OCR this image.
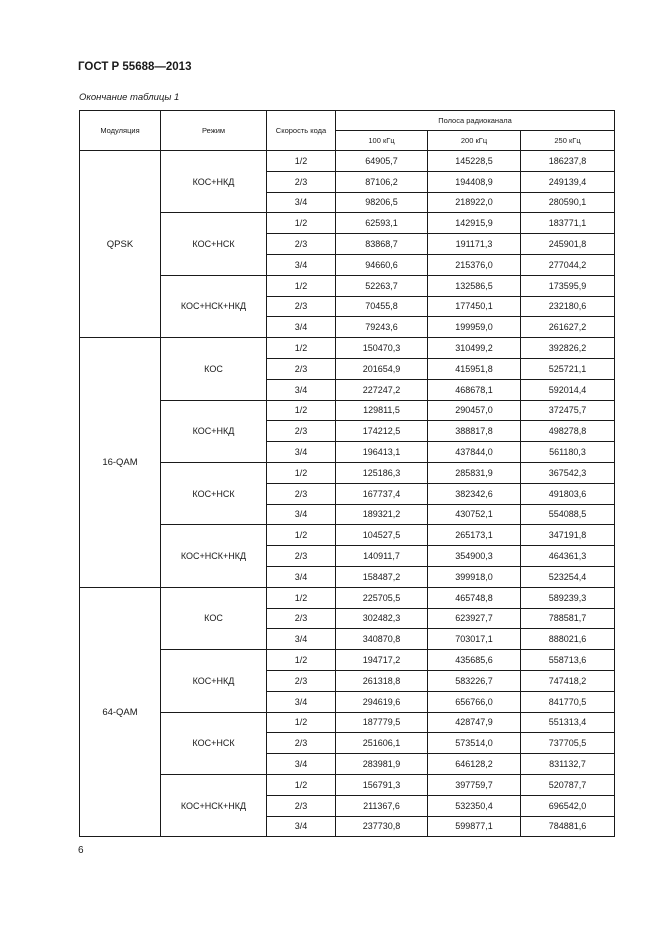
ГОСТ Р 55688—2013
Окончание таблицы 1
Модуляция	Режим	Скорость кода	Полоса радиоканала		
			100 кГц	200 кГц	250 кГц
QPSK	КОС+НКД	1/2	64905,7	145228,5	186237,8
		2/3	87106,2	194408,9	249139,4
		3/4	98206,5	218922,0	280590,1
	КОС+НСК	1/2	62593,1	142915,9	183771,1
		2/3	83868,7	191171,3	245901,8
		3/4	94660,6	215376,0	277044,2
	КОС+НСК+НКД	1/2	52263,7	132586,5	173595,9
		2/3	70455,8	177450,1	232180,6
		3/4	79243,6	199959,0	261627,2
16-QAM	КОС	1/2	150470,3	310499,2	392826,2
		2/3	201654,9	415951,8	525721,1
		3/4	227247,2	468678,1	592014,4
	КОС+НКД	1/2	129811,5	290457,0	372475,7
		2/3	174212,5	388817,8	498278,8
		3/4	196413,1	437844,0	561180,3
	КОС+НСК	1/2	125186,3	285831,9	367542,3
		2/3	167737,4	382342,6	491803,6
		3/4	189321,2	430752,1	554088,5
	КОС+НСК+НКД	1/2	104527,5	265173,1	347191,8
		2/3	140911,7	354900,3	464361,3
		3/4	158487,2	399918,0	523254,4
64-QAM	КОС	1/2	225705,5	465748,8	589239,3
		2/3	302482,3	623927,7	788581,7
		3/4	340870,8	703017,1	888021,6
	КОС+НКД	1/2	194717,2	435685,6	558713,6
		2/3	261318,8	583226,7	747418,2
		3/4	294619,6	656766,0	841770,5
	КОС+НСК	1/2	187779,5	428747,9	551313,4
		2/3	251606,1	573514,0	737705,5
		3/4	283981,9	646128,2	831132,7
	КОС+НСК+НКД	1/2	156791,3	397759,7	520787,7
		2/3	211367,6	532350,4	696542,0
		3/4	237730,8	599877,1	784881,6
6
